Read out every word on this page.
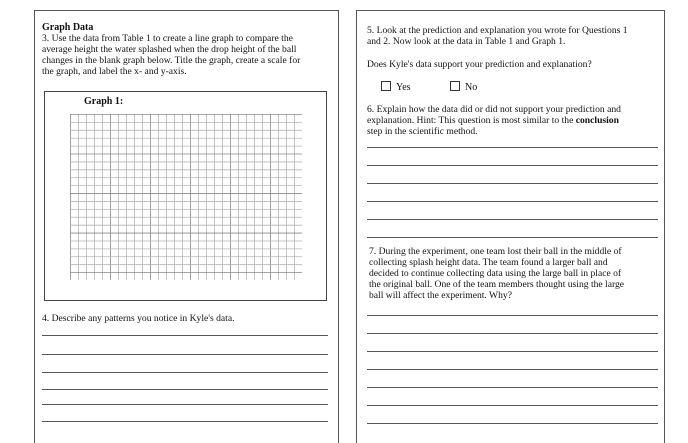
Graph Data
3. Use the data from Table 1 to create a line graph to compare the
average height the water splashed when the drop height of the ball
changes in the blank graph below. Title the graph, create a scale for
the graph, and label the x- and y-axis.
Graph 1:
4. Describe any patterns you notice in Kyle's data.
5. Look at the prediction and explanation you wrote for Questions 1
and 2. Now look at the data in Table 1 and Graph 1.
Does Kyle's data support your prediction and explanation?
Yes	No
6. Explain how the data did or did not support your prediction and
explanation. Hint: This question is most similar to the conclusion
step in the scientific method.
7. During the experiment, one team lost their ball in the middle of
collecting splash height data. The team found a larger ball and
decided to continue collecting data using the large ball in place of
the original ball. One of the team members thought using the large
ball will affect the experiment. Why?
